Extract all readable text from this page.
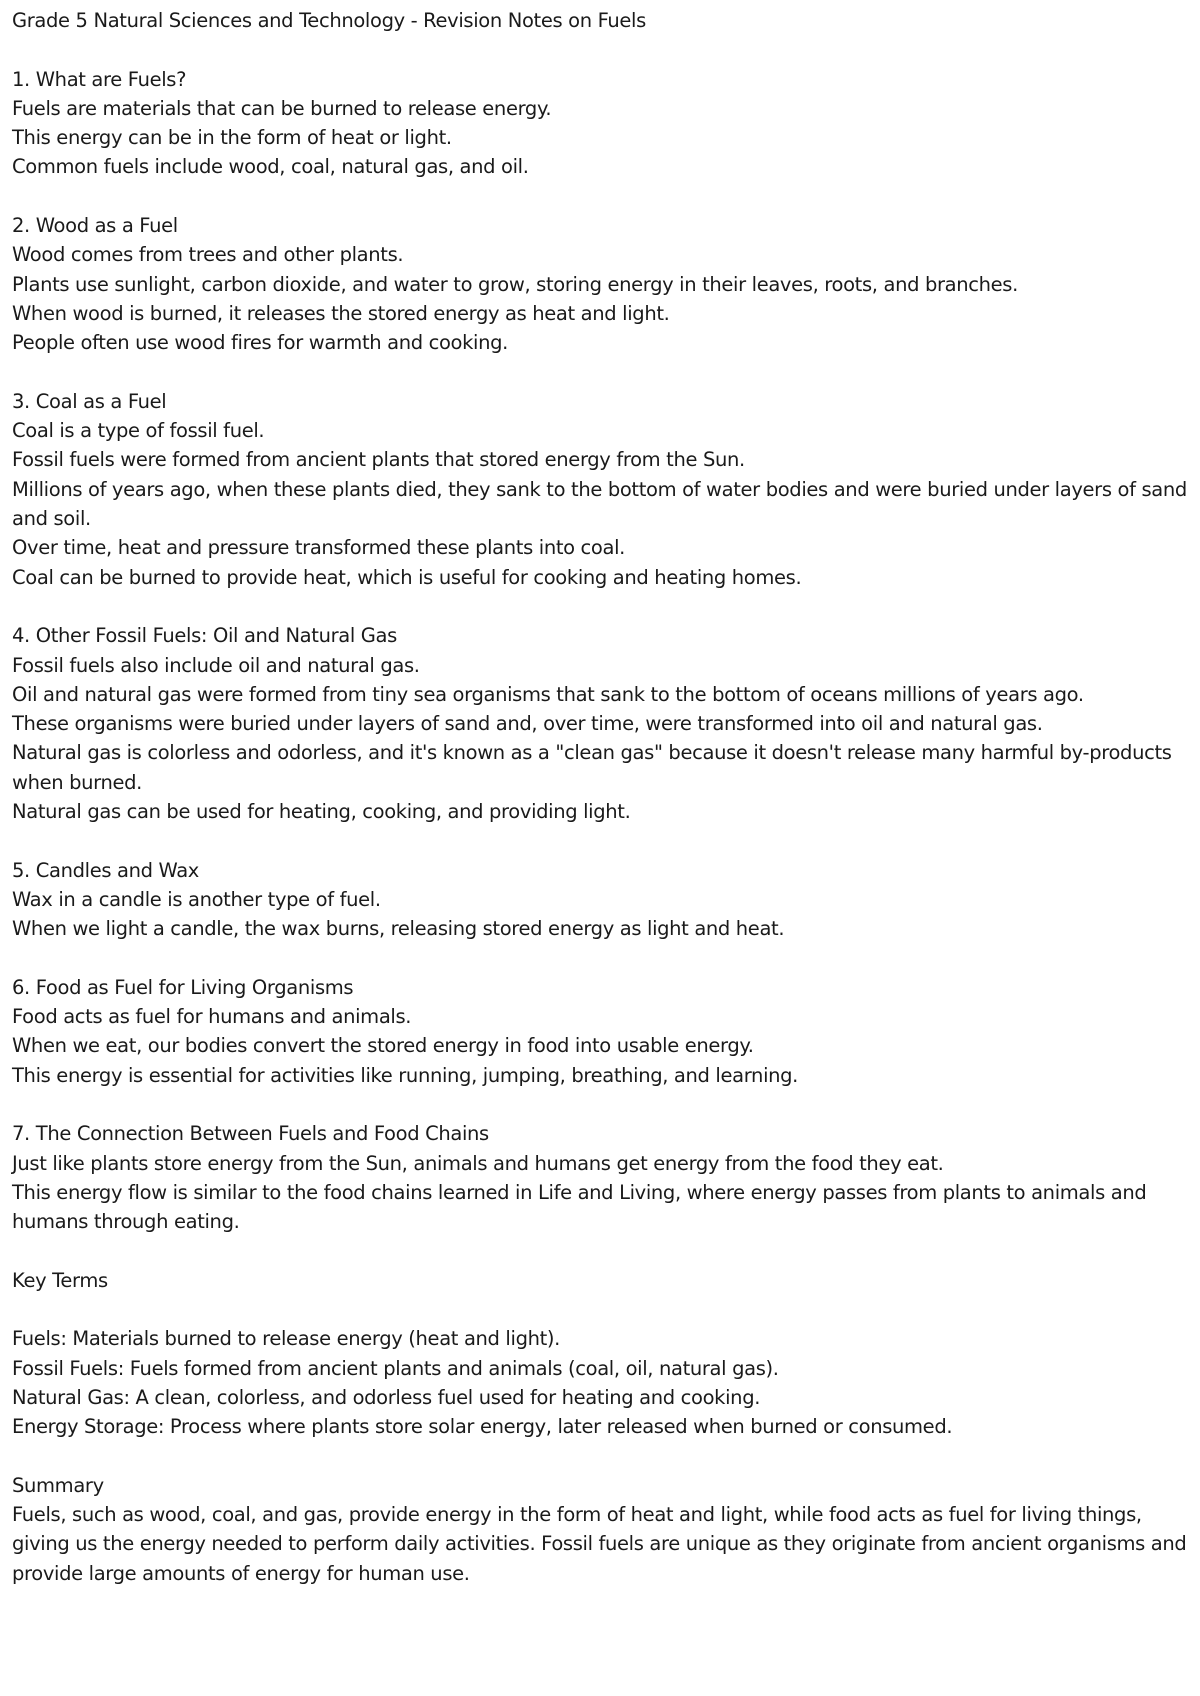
Grade 5 Natural Sciences and Technology - Revision Notes on Fuels

1. What are Fuels?

Fuels are materials that can be burned to release energy.

This energy can be in the form of heat or light.

Common fuels include wood, coal, natural gas, and oil.

2. Wood as a Fuel

Wood comes from trees and other plants.

Plants use sunlight, carbon dioxide, and water to grow, storing energy in their leaves, roots, and branches.

When wood is burned, it releases the stored energy as heat and light.

People often use wood fires for warmth and cooking.

3. Coal as a Fuel

Coal is a type of fossil fuel.

Fossil fuels were formed from ancient plants that stored energy from the Sun.

Millions of years ago, when these plants died, they sank to the bottom of water bodies and were buried under layers of sand and soil.

Over time, heat and pressure transformed these plants into coal.

Coal can be burned to provide heat, which is useful for cooking and heating homes.

4. Other Fossil Fuels: Oil and Natural Gas

Fossil fuels also include oil and natural gas.

Oil and natural gas were formed from tiny sea organisms that sank to the bottom of oceans millions of years ago.

These organisms were buried under layers of sand and, over time, were transformed into oil and natural gas.

Natural gas is colorless and odorless, and it's known as a "clean gas" because it doesn't release many harmful by-products when burned.

Natural gas can be used for heating, cooking, and providing light.

5. Candles and Wax

Wax in a candle is another type of fuel.

When we light a candle, the wax burns, releasing stored energy as light and heat.

6. Food as Fuel for Living Organisms

Food acts as fuel for humans and animals.

When we eat, our bodies convert the stored energy in food into usable energy.

This energy is essential for activities like running, jumping, breathing, and learning.

7. The Connection Between Fuels and Food Chains

Just like plants store energy from the Sun, animals and humans get energy from the food they eat.

This energy flow is similar to the food chains learned in Life and Living, where energy passes from plants to animals and humans through eating.

Key Terms

Fuels: Materials burned to release energy (heat and light).

Fossil Fuels: Fuels formed from ancient plants and animals (coal, oil, natural gas).

Natural Gas: A clean, colorless, and odorless fuel used for heating and cooking.

Energy Storage: Process where plants store solar energy, later released when burned or consumed.

Summary

Fuels, such as wood, coal, and gas, provide energy in the form of heat and light, while food acts as fuel for living things, giving us the energy needed to perform daily activities. Fossil fuels are unique as they originate from ancient organisms and provide large amounts of energy for human use.
